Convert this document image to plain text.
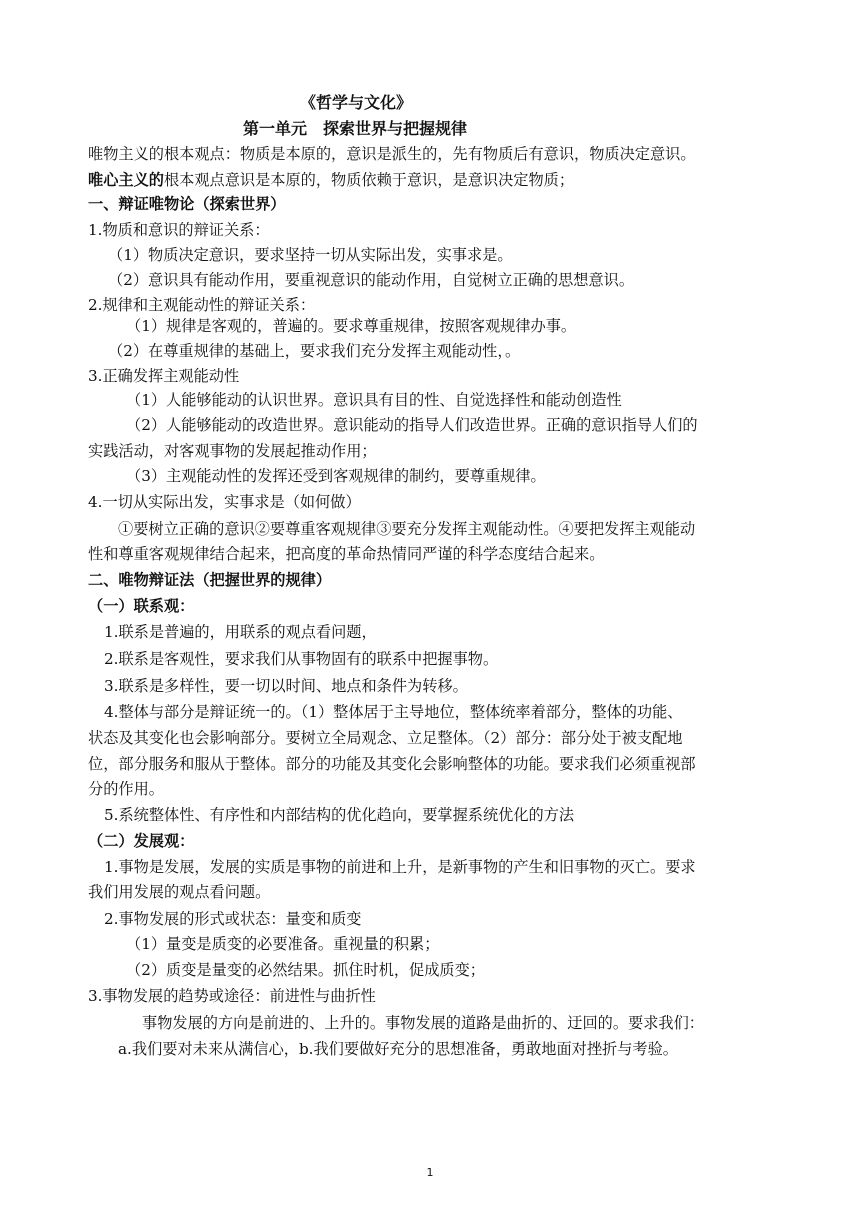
《哲学与文化》
第一单元　探索世界与把握规律
唯物主义的根本观点：物质是本原的，意识是派生的，先有物质后有意识，物质决定意识。
唯心主义的根本观点意识是本原的，物质依赖于意识，是意识决定物质；
一、辩证唯物论（探索世界）
1.物质和意识的辩证关系：
（1）物质决定意识，要求坚持一切从实际出发，实事求是。
（2）意识具有能动作用，要重视意识的能动作用，自觉树立正确的思想意识。
2.规律和主观能动性的辩证关系：
（1）规律是客观的，普遍的。要求尊重规律，按照客观规律办事。
（2）在尊重规律的基础上，要求我们充分发挥主观能动性，。
3.正确发挥主观能动性
（1）人能够能动的认识世界。意识具有目的性、自觉选择性和能动创造性
（2）人能够能动的改造世界。意识能动的指导人们改造世界。正确的意识指导人们的
实践活动，对客观事物的发展起推动作用；
（3）主观能动性的发挥还受到客观规律的制约，要尊重规律。
4.一切从实际出发，实事求是（如何做）
①要树立正确的意识②要尊重客观规律③要充分发挥主观能动性。④要把发挥主观能动
性和尊重客观规律结合起来，把高度的革命热情同严谨的科学态度结合起来。
二、唯物辩证法（把握世界的规律）
（一）联系观：
1.联系是普遍的，用联系的观点看问题，
2.联系是客观性，要求我们从事物固有的联系中把握事物。
3.联系是多样性，要一切以时间、地点和条件为转移。
4.整体与部分是辩证统一的。（1）整体居于主导地位，整体统率着部分，整体的功能、
状态及其变化也会影响部分。要树立全局观念、立足整体。（2）部分：部分处于被支配地
位，部分服务和服从于整体。部分的功能及其变化会影响整体的功能。要求我们必须重视部
分的作用。
5.系统整体性、有序性和内部结构的优化趋向，要掌握系统优化的方法
（二）发展观：
1.事物是发展，发展的实质是事物的前进和上升，是新事物的产生和旧事物的灭亡。要求
我们用发展的观点看问题。
2.事物发展的形式或状态：量变和质变
（1）量变是质变的必要准备。重视量的积累；
（2）质变是量变的必然结果。抓住时机，促成质变；
3.事物发展的趋势或途径：前进性与曲折性
事物发展的方向是前进的、上升的。事物发展的道路是曲折的、迂回的。要求我们：
a.我们要对未来从满信心，b.我们要做好充分的思想准备，勇敢地面对挫折与考验。
1
